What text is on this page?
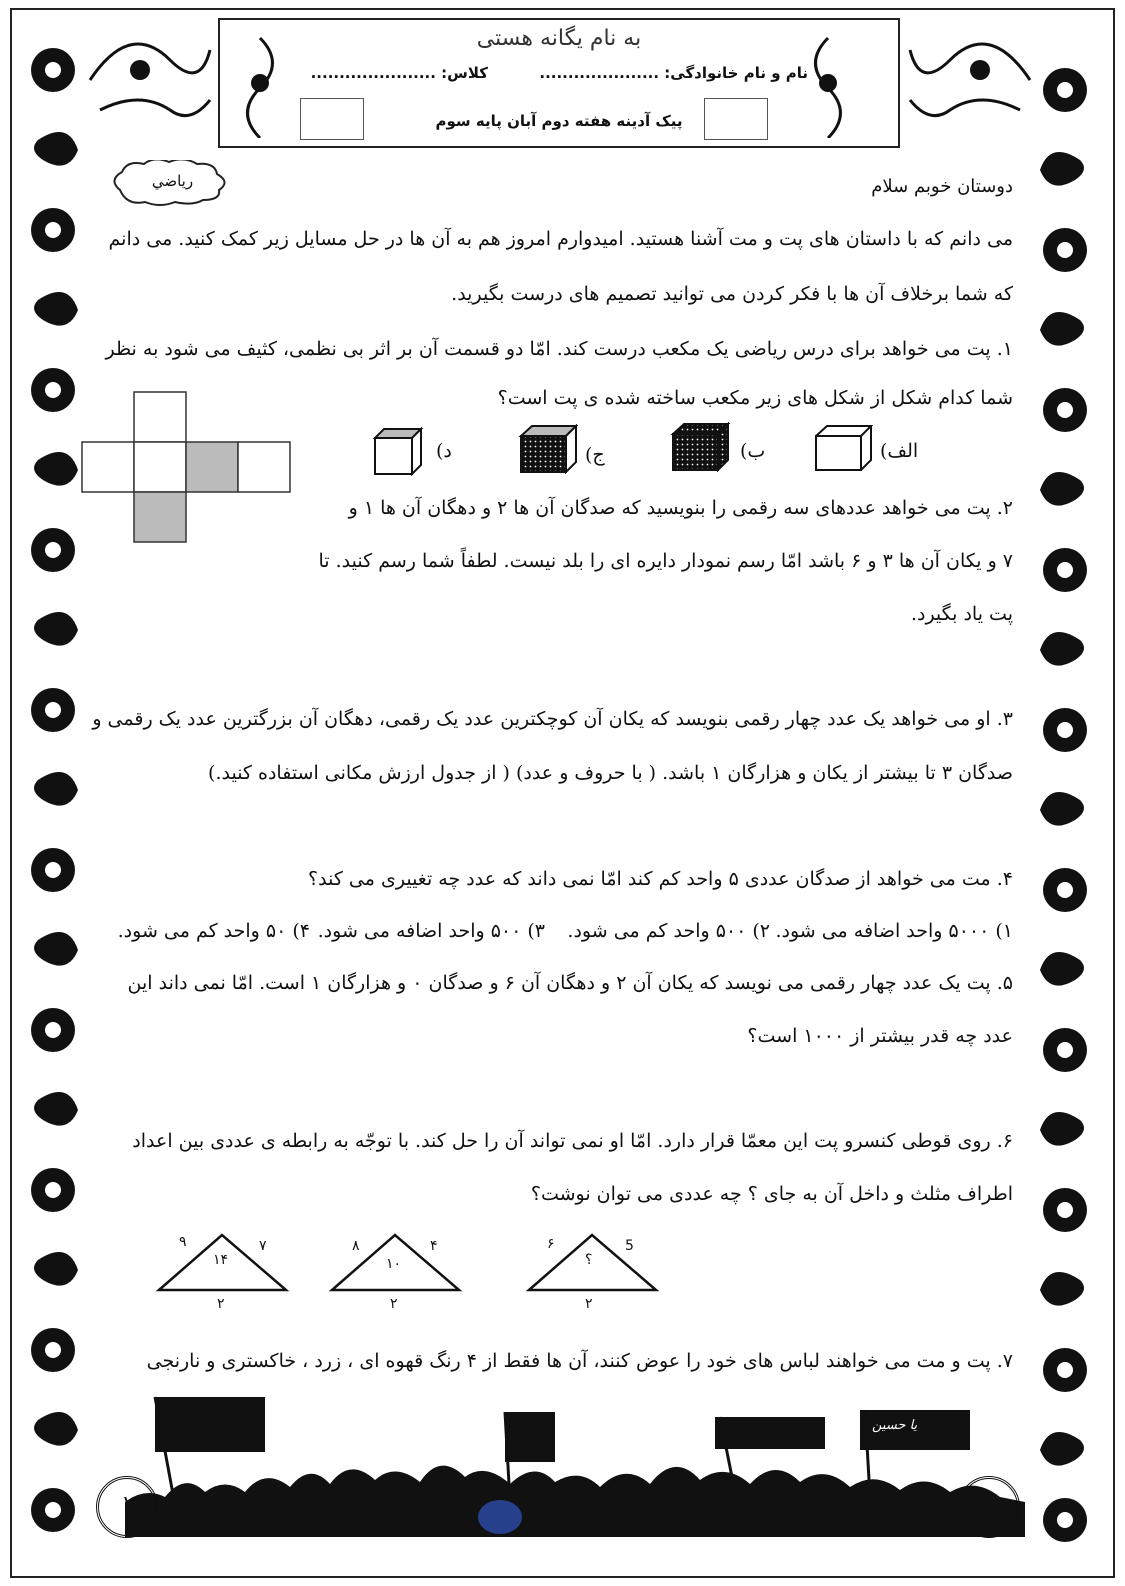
به نام یگانه هستی
نام و نام خانوادگی: .....................
کلاس: ......................
پیک آدینه هفته دوم آبان پایه سوم
رياضي	دوستان خوبم سلام
می دانم که با داستان های پت و مت آشنا هستید. امیدوارم امروز هم به آن ها در حل مسایل زیر کمک کنید. می دانم
که شما برخلاف آن ها با فکر کردن می توانید تصمیم های درست بگیرید.
۱. پت می خواهد برای درس ریاضی یک مکعب درست کند. امّا دو قسمت آن بر اثر بی نظمی، کثیف می شود به نظر
شما کدام شکل از شکل های زیر مکعب ساخته شده ی پت است؟
الف)
ب)
ج)
د)
۲. پت می خواهد عددهای سه رقمی را بنویسید که صدگان آن ها ۲ و دهگان آن ها ۱ و
۷ و یکان آن ها ۳ و ۶ باشد امّا رسم نمودار دایره ای را بلد نیست. لطفاً شما رسم کنید. تا
پت یاد بگیرد.
۳. او می خواهد یک عدد چهار رقمی بنویسد که یکان آن کوچکترین عدد یک رقمی، دهگان آن بزرگترین عدد یک رقمی و
صدگان ۳ تا بیشتر از یکان و هزارگان ۱ باشد. ( با حروف و عدد) ( از جدول ارزش مکانی استفاده کنید.)
۴. مت می خواهد از صدگان عددی ۵ واحد کم کند امّا نمی داند که عدد چه تغییری می کند؟
۱) ۵۰۰۰ واحد اضافه می شود.
۲) ۵۰۰ واحد کم می شود.
۳) ۵۰۰ واحد اضافه می شود.
۴) ۵۰ واحد کم می شود.
۵. پت یک عدد چهار رقمی می نویسد که یکان آن ۲ و دهگان آن ۶ و صدگان ۰ و هزارگان ۱ است. امّا نمی داند این
عدد چه قدر بیشتر از ۱۰۰۰ است؟
۶. روی قوطی کنسرو پت این معمّا قرار دارد. امّا او نمی تواند آن را حل کند. با توجّه به رابطه ی عددی بین اعداد
اطراف مثلث و داخل آن به جای ؟ چه عددی می توان نوشت؟
۹	۷
۱۴
۲
۸	۴
۱۰
۲
۶	5
؟
۲
۷. پت و مت می خواهند لباس های خود را عوض کنند، آن ها فقط از ۴ رنگ قهوه ای ، زرد ، خاکستری و نارنجی
یا حسین
۱
